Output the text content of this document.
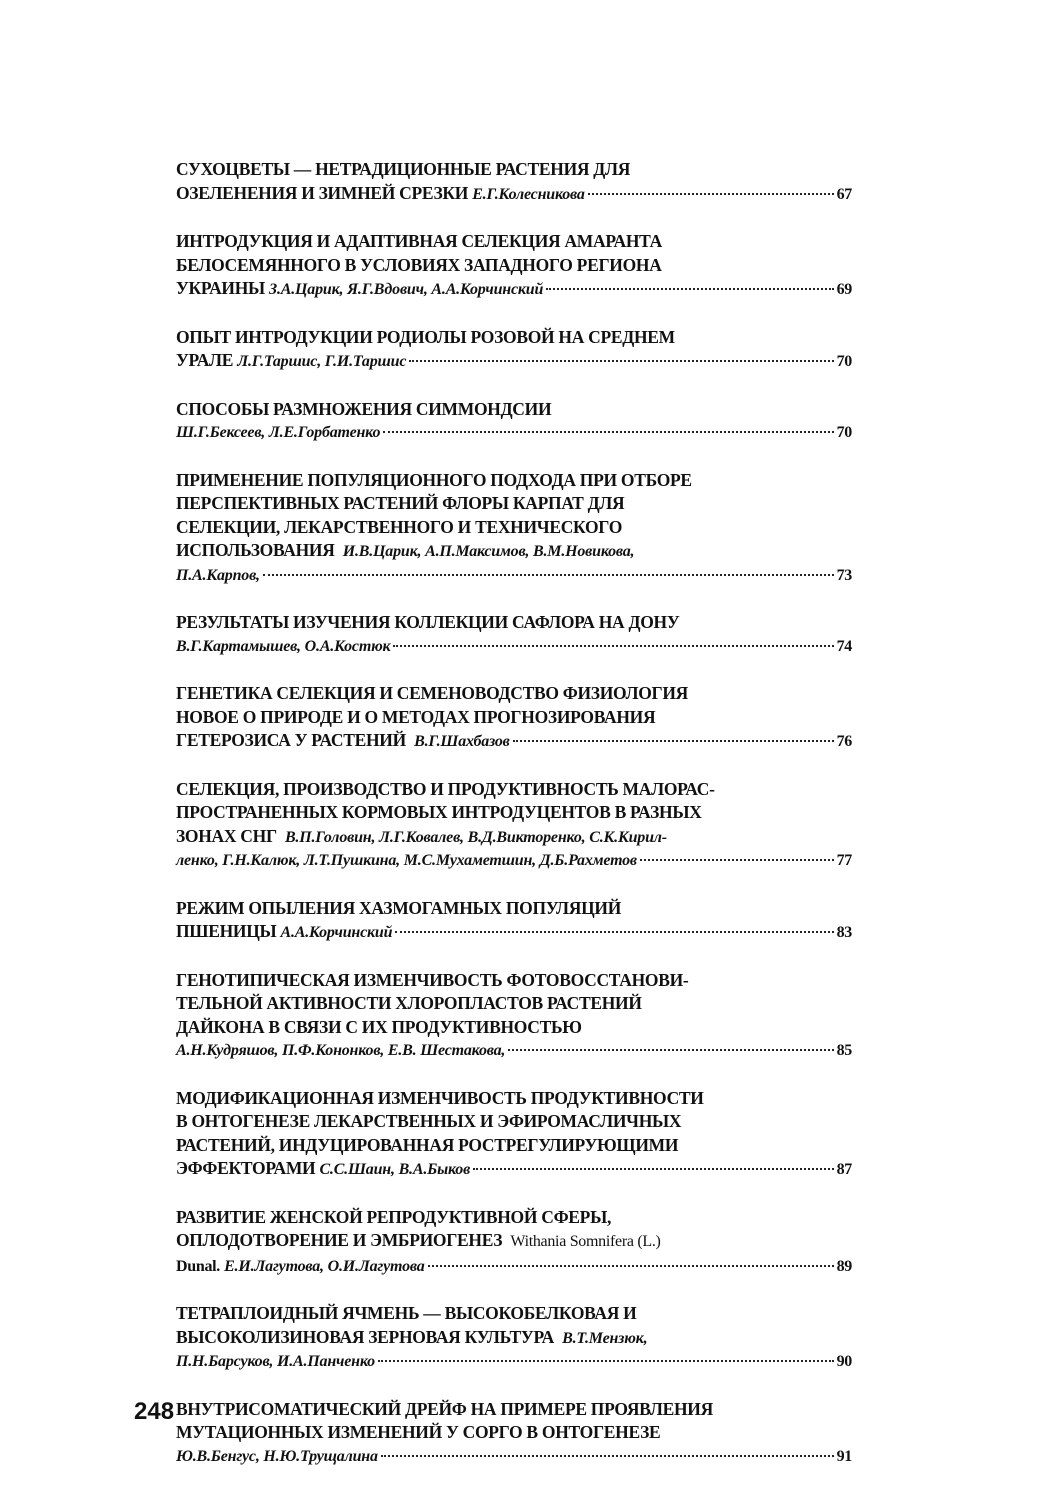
СУХОЦВЕТЫ — НЕТРАДИЦИОННЫЕ РАСТЕНИЯ ДЛЯ
ОЗЕЛЕНЕНИЯ И ЗИМНЕЙ СРЕЗКИ
Е.Г.Колесникова	67
ИНТРОДУКЦИЯ И АДАПТИВНАЯ СЕЛЕКЦИЯ АМАРАНТА
БЕЛОСЕМЯННОГО В УСЛОВИЯХ ЗАПАДНОГО РЕГИОНА
УКРАИНЫ
З.А.Царик, Я.Г.Вдович, А.А.Корчинский	69
ОПЫТ ИНТРОДУКЦИИ РОДИОЛЫ РОЗОВОЙ НА СРЕДНЕМ
УРАЛЕ
Л.Г.Таршис, Г.И.Таршис	70
СПОСОБЫ РАЗМНОЖЕНИЯ СИММОНДСИИ
Ш.Г.Бексеев, Л.Е.Горбатенко	70
ПРИМЕНЕНИЕ ПОПУЛЯЦИОННОГО ПОДХОДА ПРИ ОТБОРЕ
ПЕРСПЕКТИВНЫХ РАСТЕНИЙ ФЛОРЫ КАРПАТ ДЛЯ
СЕЛЕКЦИИ, ЛЕКАРСТВЕННОГО И ТЕХНИЧЕСКОГО
ИСПОЛЬЗОВАНИЯ И.В.Царик, А.П.Максимов, В.М.Новикова,
П.А.Карпов,	73
РЕЗУЛЬТАТЫ ИЗУЧЕНИЯ КОЛЛЕКЦИИ САФЛОРА НА ДОНУ
В.Г.Картамышев, О.А.Костюк	74
ГЕНЕТИКА СЕЛЕКЦИЯ И СЕМЕНОВОДСТВО ФИЗИОЛОГИЯ
НОВОЕ О ПРИРОДЕ И О МЕТОДАХ ПРОГНОЗИРОВАНИЯ
ГЕТЕРОЗИСА У РАСТЕНИЙ
В.Г.Шахбазов	76
СЕЛЕКЦИЯ, ПРОИЗВОДСТВО И ПРОДУКТИВНОСТЬ МАЛОРАС-
ПРОСТРАНЕННЫХ КОРМОВЫХ ИНТРОДУЦЕНТОВ В РАЗНЫХ
ЗОНАХ СНГ В.П.Головин, Л.Г.Ковалев, В.Д.Викторенко, С.К.Кирил-
ленко, Г.Н.Калюк, Л.Т.Пушкина, М.С.Мухаметшин, Д.Б.Рахметов	77
РЕЖИМ ОПЫЛЕНИЯ ХАЗМОГАМНЫХ ПОПУЛЯЦИЙ
ПШЕНИЦЫ
А.А.Корчинский	83
ГЕНОТИПИЧЕСКАЯ ИЗМЕНЧИВОСТЬ ФОТОВОССТАНОВИ-
ТЕЛЬНОЙ АКТИВНОСТИ ХЛОРОПЛАСТОВ РАСТЕНИЙ
ДАЙКОНА В СВЯЗИ С ИХ ПРОДУКТИВНОСТЬЮ
А.Н.Кудряшов, П.Ф.Кононков, Е.В. Шестакова,	85
МОДИФИКАЦИОННАЯ ИЗМЕНЧИВОСТЬ ПРОДУКТИВНОСТИ
В ОНТОГЕНЕЗЕ ЛЕКАРСТВЕННЫХ И ЭФИРОМАСЛИЧНЫХ
РАСТЕНИЙ, ИНДУЦИРОВАННАЯ РОСТРЕГУЛИРУЮЩИМИ
ЭФФЕКТОРАМИ
С.С.Шаин, В.А.Быков	87
РАЗВИТИЕ ЖЕНСКОЙ РЕПРОДУКТИВНОЙ СФЕРЫ,
ОПЛОДОТВОРЕНИЕ И ЭМБРИОГЕНЕЗ Withania Somnifera (L.)
Dunal.
Е.И.Лагутова, О.И.Лагутова	89
ТЕТРАПЛОИДНЫЙ ЯЧМЕНЬ — ВЫСОКОБЕЛКОВАЯ И
ВЫСОКОЛИЗИНОВАЯ ЗЕРНОВАЯ КУЛЬТУРА В.Т.Мензюк,
П.Н.Барсуков, И.А.Панченко	90
ВНУТРИСОМАТИЧЕСКИЙ ДРЕЙФ НА ПРИМЕРЕ ПРОЯВЛЕНИЯ
МУТАЦИОННЫХ ИЗМЕНЕНИЙ У СОРГО В ОНТОГЕНЕЗЕ
Ю.В.Бенгус, Н.Ю.Трущалина	91
248
